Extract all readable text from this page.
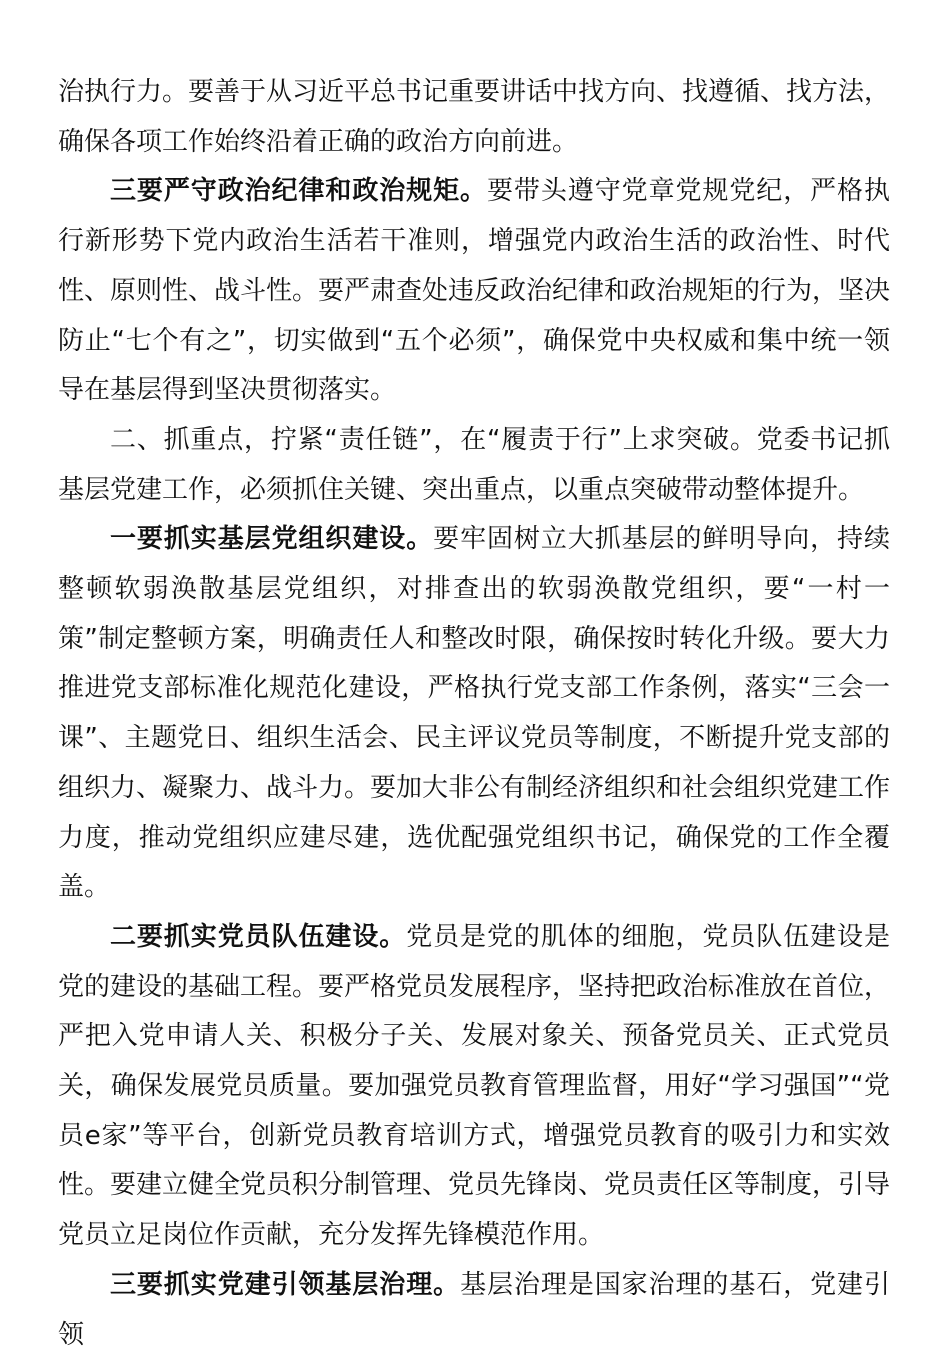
治执行力。要善于从习近平总书记重要讲话中找方向、找遵循、找方法，确保各项工作始终沿着正确的政治方向前进。

三要严守政治纪律和政治规矩。要带头遵守党章党规党纪，严格执行新形势下党内政治生活若干准则，增强党内政治生活的政治性、时代性、原则性、战斗性。要严肃查处违反政治纪律和政治规矩的行为，坚决防止“七个有之”，切实做到“五个必须”，确保党中央权威和集中统一领导在基层得到坚决贯彻落实。

二、抓重点，拧紧“责任链”，在“履责于行”上求突破。党委书记抓基层党建工作，必须抓住关键、突出重点，以重点突破带动整体提升。

一要抓实基层党组织建设。要牢固树立大抓基层的鲜明导向，持续整顿软弱涣散基层党组织，对排查出的软弱涣散党组织，要“一村一策”制定整顿方案，明确责任人和整改时限，确保按时转化升级。要大力推进党支部标准化规范化建设，严格执行党支部工作条例，落实“三会一课”、主题党日、组织生活会、民主评议党员等制度，不断提升党支部的组织力、凝聚力、战斗力。要加大非公有制经济组织和社会组织党建工作力度，推动党组织应建尽建，选优配强党组织书记，确保党的工作全覆盖。

二要抓实党员队伍建设。党员是党的肌体的细胞，党员队伍建设是党的建设的基础工程。要严格党员发展程序，坚持把政治标准放在首位，严把入党申请人关、积极分子关、发展对象关、预备党员关、正式党员关，确保发展党员质量。要加强党员教育管理监督，用好“学习强国”“党员e家”等平台，创新党员教育培训方式，增强党员教育的吸引力和实效性。要建立健全党员积分制管理、党员先锋岗、党员责任区等制度，引导党员立足岗位作贡献，充分发挥先锋模范作用。

三要抓实党建引领基层治理。基层治理是国家治理的基石，党建引领
